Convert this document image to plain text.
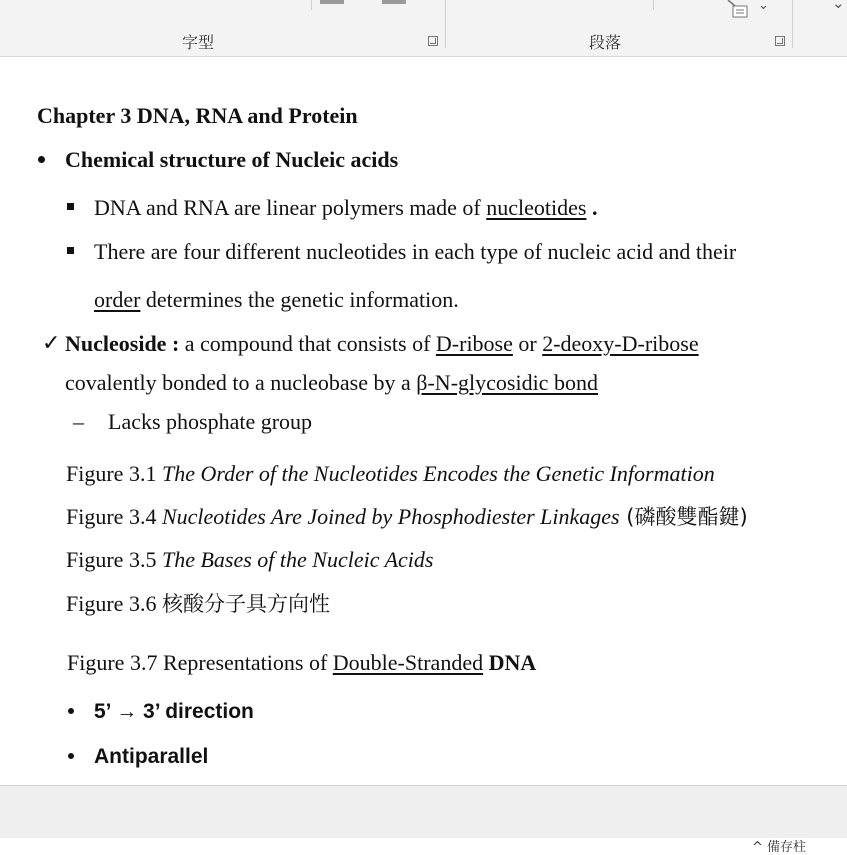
字型	段落
⌄	⌄
Chapter 3 DNA, RNA and Protein
Chemical structure of Nucleic acids
DNA and RNA are linear polymers made of nucleotides .
There are four different nucleotides in each type of nucleic acid and their
order determines the genetic information.
✓ Nucleoside : a compound that consists of D-ribose or 2-deoxy-D-ribose
covalently bonded to a nucleobase by a β-N-glycosidic bond
– Lacks phosphate group
Figure 3.1 The Order of the Nucleotides Encodes the Genetic Information
Figure 3.4 Nucleotides Are Joined by Phosphodiester Linkages (磷酸雙酯鍵)
Figure 3.5 The Bases of the Nucleic Acids
Figure 3.6 核酸分子具方向性
Figure 3.7 Representations of Double-Stranded DNA
5’ → 3’ direction
Antiparallel
^ 備存柱
